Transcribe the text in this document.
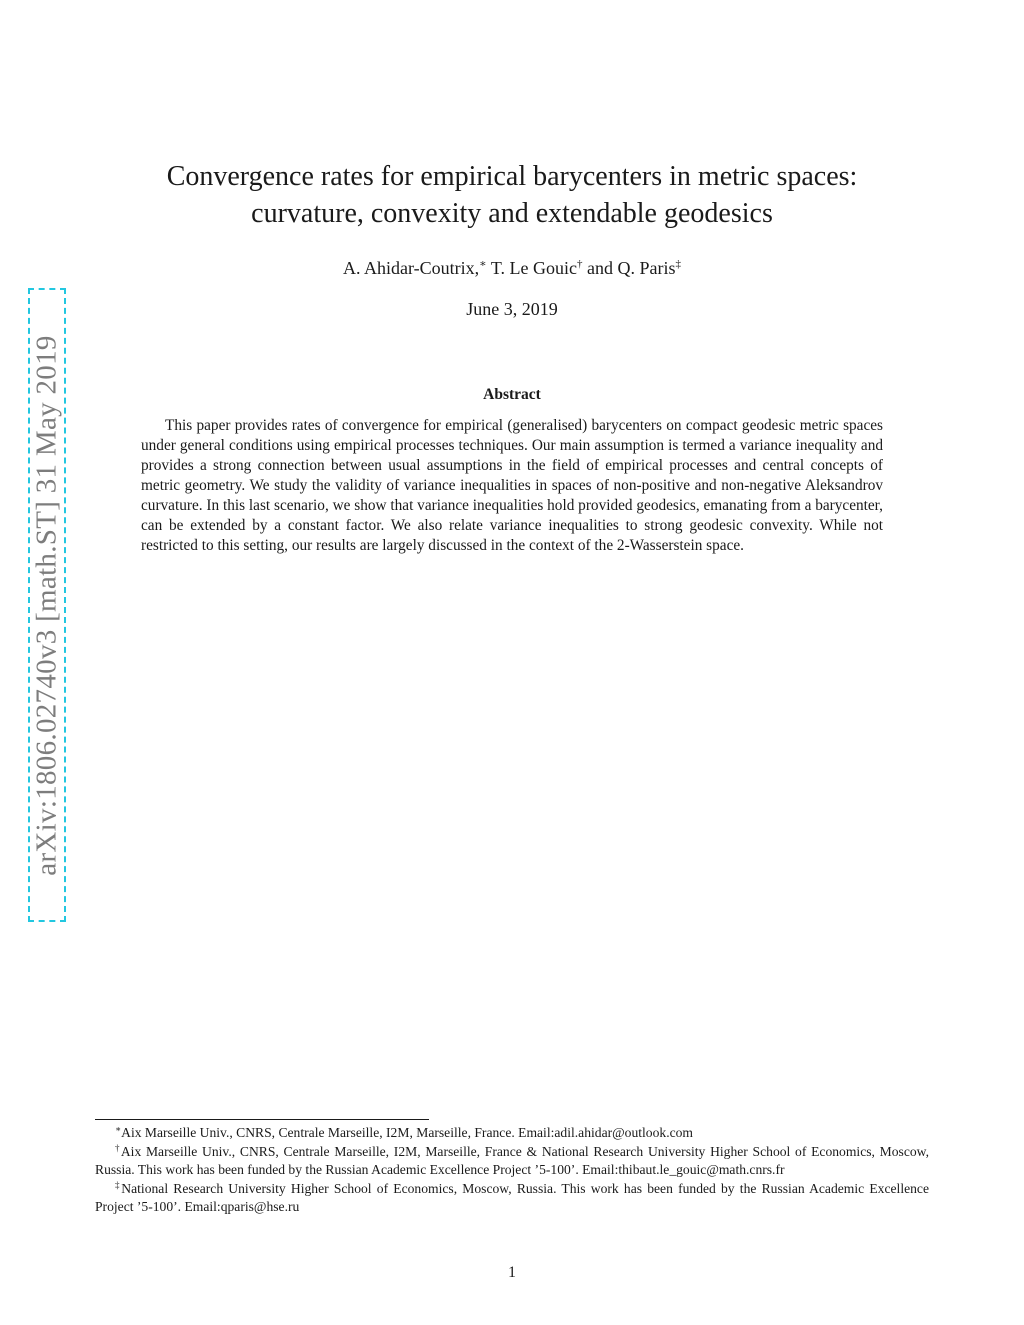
arXiv:1806.02740v3 [math.ST] 31 May 2019
Convergence rates for empirical barycenters in metric spaces:
curvature, convexity and extendable geodesics
A. Ahidar-Coutrix,∗ T. Le Gouic† and Q. Paris‡
June 3, 2019
Abstract
This paper provides rates of convergence for empirical (generalised) barycenters on compact geodesic metric spaces under general conditions using empirical processes techniques. Our main assumption is termed a variance inequality and provides a strong connection between usual assumptions in the field of empirical processes and central concepts of metric geometry. We study the validity of variance inequalities in spaces of non-positive and non-negative Aleksandrov curvature. In this last scenario, we show that variance inequalities hold provided geodesics, emanating from a barycenter, can be extended by a constant factor. We also relate variance inequalities to strong geodesic convexity. While not restricted to this setting, our results are largely discussed in the context of the 2-Wasserstein space.

∗Aix Marseille Univ., CNRS, Centrale Marseille, I2M, Marseille, France. Email:adil.ahidar@outlook.com

†Aix Marseille Univ., CNRS, Centrale Marseille, I2M, Marseille, France & National Research University Higher School of Economics, Moscow, Russia. This work has been funded by the Russian Academic Excellence Project ’5-100’. Email:thibaut.le_gouic@math.cnrs.fr

‡National Research University Higher School of Economics, Moscow, Russia. This work has been funded by the Russian Academic Excellence Project ’5-100’. Email:qparis@hse.ru

1
